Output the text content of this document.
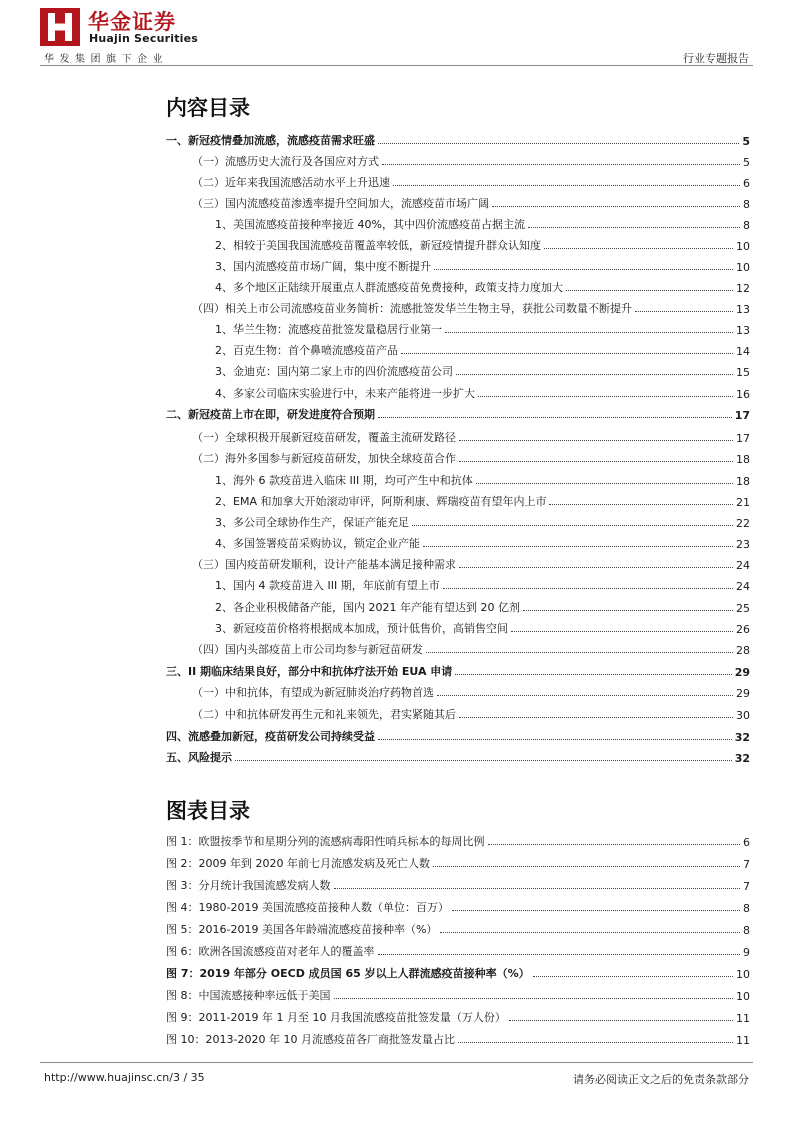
华金证券
Huajin Securities
华发集团旗下企业	行业专题报告
内容目录
一、新冠疫情叠加流感，流感疫苗需求旺盛	5
（一）流感历史大流行及各国应对方式	5
（二）近年来我国流感活动水平上升迅速	6
（三）国内流感疫苗渗透率提升空间加大，流感疫苗市场广阔	8
1、美国流感疫苗接种率接近 40%，其中四价流感疫苗占据主流	8
2、相较于美国我国流感疫苗覆盖率较低，新冠疫情提升群众认知度	10
3、国内流感疫苗市场广阔，集中度不断提升	10
4、多个地区正陆续开展重点人群流感疫苗免费接种，政策支持力度加大	12
（四）相关上市公司流感疫苗业务简析：流感批签发华兰生物主导，获批公司数量不断提升	13
1、华兰生物：流感疫苗批签发量稳居行业第一	13
2、百克生物：首个鼻喷流感疫苗产品	14
3、金迪克：国内第二家上市的四价流感疫苗公司	15
4、多家公司临床实验进行中，未来产能将进一步扩大	16
二、新冠疫苗上市在即，研发进度符合预期	17
（一）全球积极开展新冠疫苗研发，覆盖主流研发路径	17
（二）海外多国参与新冠疫苗研发，加快全球疫苗合作	18
1、海外 6 款疫苗进入临床 III 期，均可产生中和抗体	18
2、EMA 和加拿大开始滚动审评，阿斯利康、辉瑞疫苗有望年内上市	21
3、多公司全球协作生产，保证产能充足	22
4、多国签署疫苗采购协议，锁定企业产能	23
（三）国内疫苗研发顺利，设计产能基本满足接种需求	24
1、国内 4 款疫苗进入 III 期，年底前有望上市	24
2、各企业积极储备产能，国内 2021 年产能有望达到 20 亿剂	25
3、新冠疫苗价格将根据成本加成，预计低售价，高销售空间	26
（四）国内头部疫苗上市公司均参与新冠苗研发	28
三、II 期临床结果良好，部分中和抗体疗法开始 EUA 申请	29
（一）中和抗体，有望成为新冠肺炎治疗药物首选	29
（二）中和抗体研发再生元和礼来领先，君实紧随其后	30
四、流感叠加新冠，疫苗研发公司持续受益	32
五、风险提示	32
图表目录
图 1：欧盟按季节和星期分列的流感病毒阳性哨兵标本的每周比例	6
图 2：2009 年到 2020 年前七月流感发病及死亡人数	7
图 3：分月统计我国流感发病人数	7
图 4：1980-2019 美国流感疫苗接种人数（单位：百万）	8
图 5：2016-2019 美国各年龄端流感疫苗接种率（%）	8
图 6：欧洲各国流感疫苗对老年人的覆盖率	9
图 7：2019 年部分 OECD 成员国 65 岁以上人群流感疫苗接种率（%）	10
图 8：中国流感接种率远低于美国	10
图 9：2011-2019 年 1 月至 10 月我国流感疫苗批签发量（万人份）	11
图 10：2013-2020 年 10 月流感疫苗各厂商批签发量占比	11
http://www.huajinsc.cn/3 / 35	请务必阅读正文之后的免责条款部分
